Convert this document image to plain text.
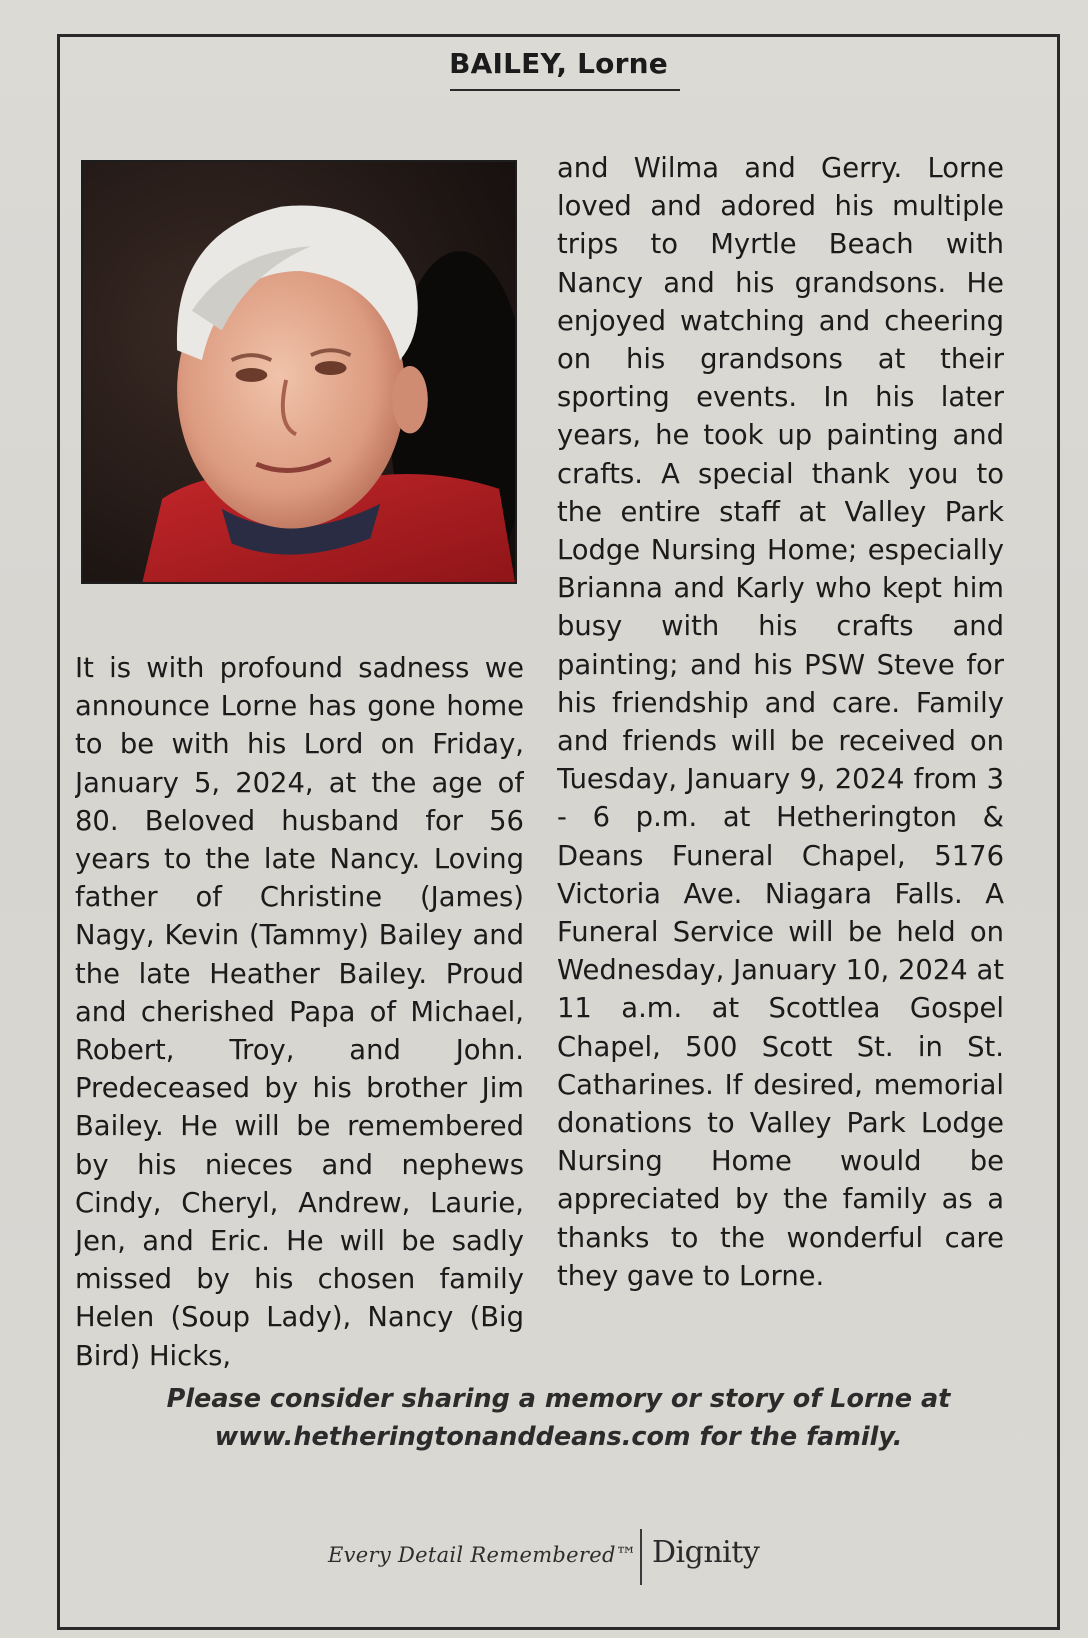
BAILEY, Lorne
It is with profound sadness we announce Lorne has gone home to be with his Lord on Friday, January 5, 2024, at the age of 80. Beloved husband for 56 years to the late Nancy. Loving father of Christine (James) Nagy, Kevin (Tammy) Bailey and the late Heather Bailey. Proud and cherished Papa of Michael, Robert, Troy, and John. Predeceased by his brother Jim Bailey. He will be remembered by his nieces and nephews Cindy, Cheryl, Andrew, Laurie, Jen, and Eric. He will be sadly missed by his chosen family Helen (Soup Lady), Nancy (Big Bird) Hicks,
and Wilma and Gerry. Lorne loved and adored his multiple trips to Myrtle Beach with Nancy and his grandsons. He enjoyed watching and cheering on his grandsons at their sporting events. In his later years, he took up painting and crafts. A special thank you to the entire staff at Valley Park Lodge Nursing Home; especially Brianna and Karly who kept him busy with his crafts and painting; and his PSW Steve for his friendship and care. Family and friends will be received on Tuesday, January 9, 2024 from 3 - 6 p.m. at Hetherington & Deans Funeral Chapel, 5176 Victoria Ave. Niagara Falls. A Funeral Service will be held on Wednesday, January 10, 2024 at 11 a.m. at Scottlea Gospel Chapel, 500 Scott St. in St. Catharines. If desired, memorial donations to Valley Park Lodge Nursing Home would be appreciated by the family as a thanks to the wonderful care they gave to Lorne.
Please consider sharing a memory or story of Lorne at
www.hetheringtonanddeans.com for the family.
Every Detail Remembered™ Dignity
